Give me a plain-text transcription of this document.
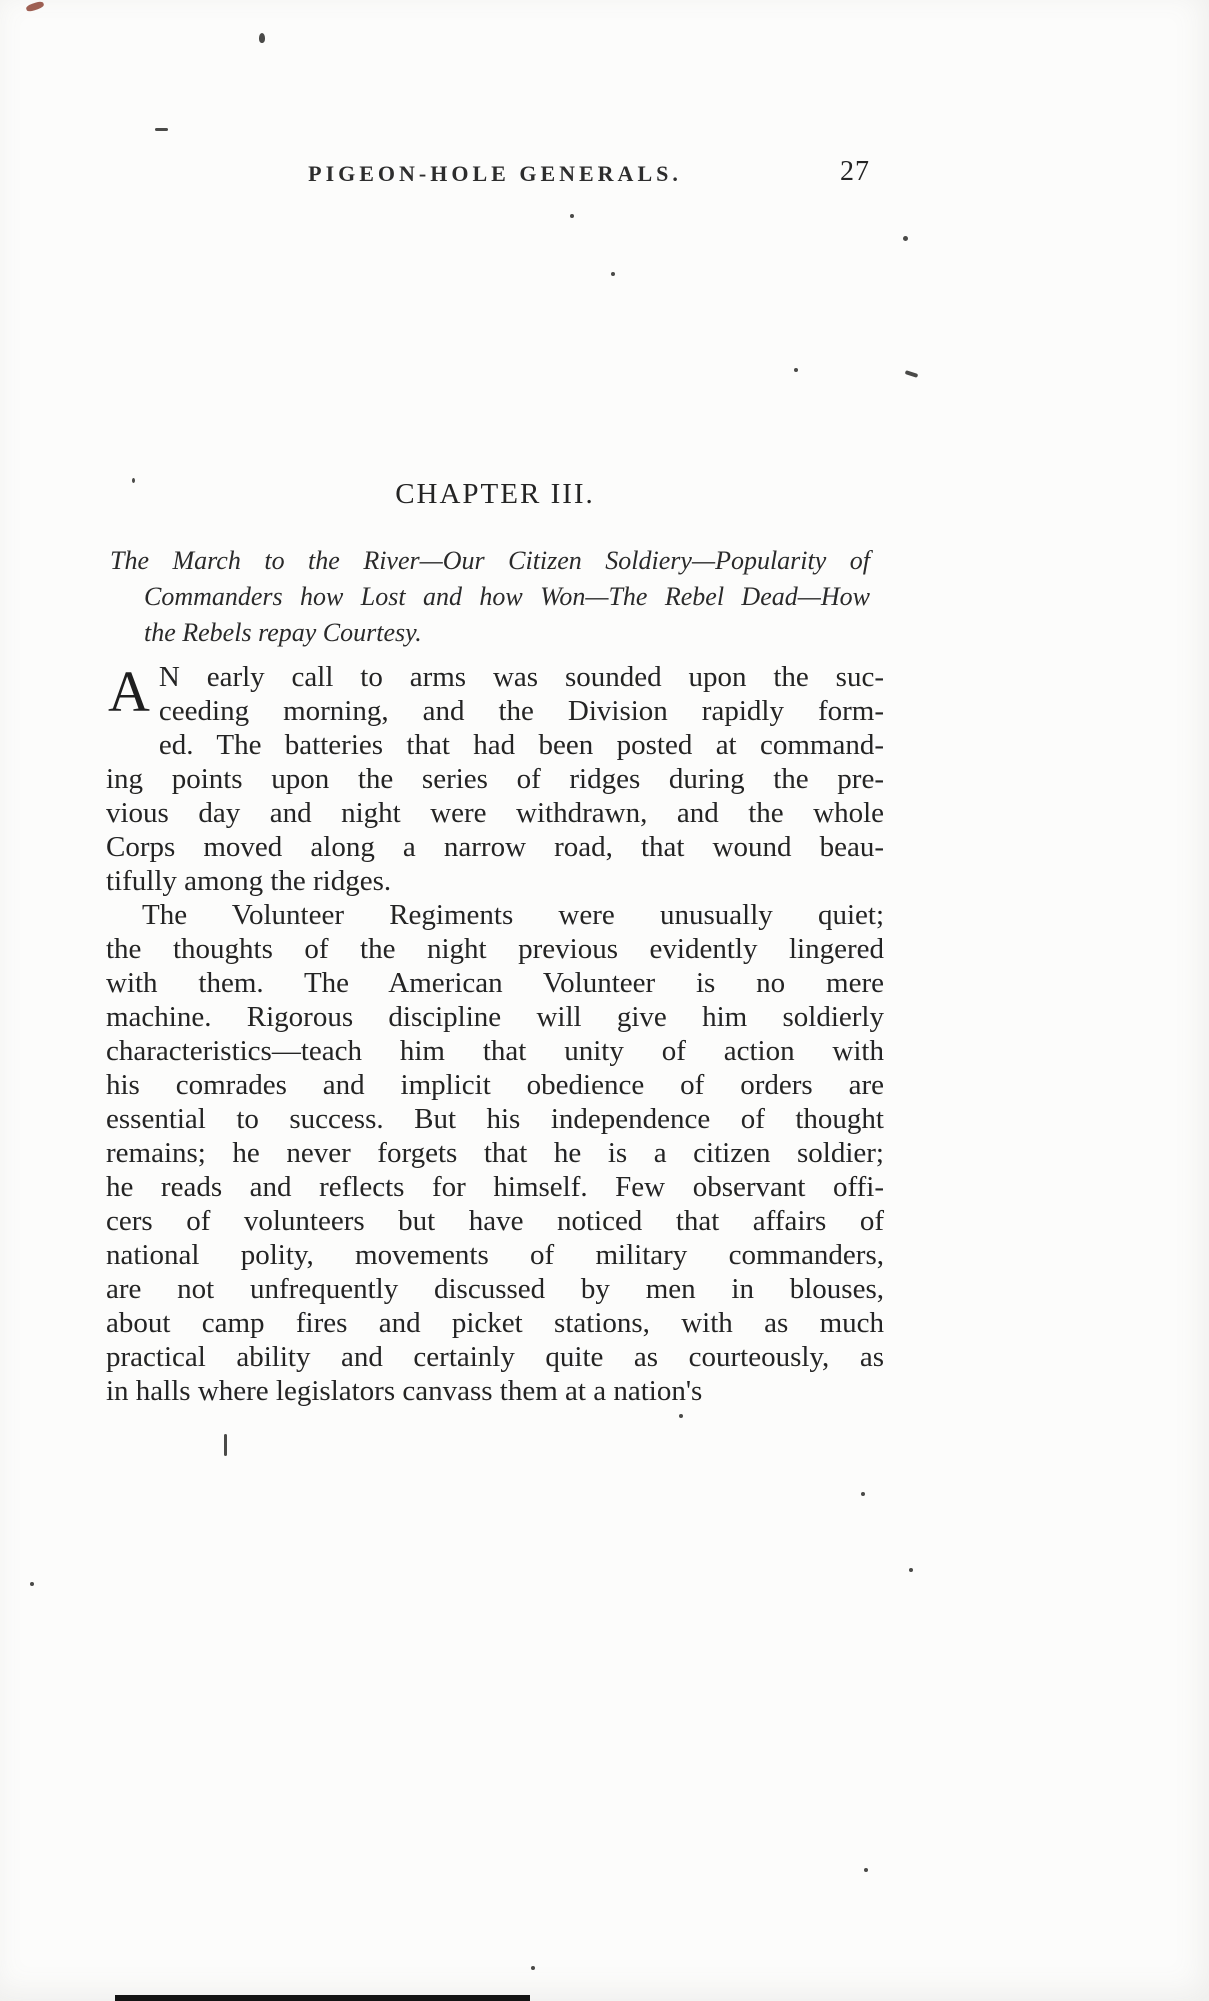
PIGEON-HOLE GENERALS.	27
CHAPTER III.
The March to the River—Our Citizen Soldiery—Popularity of
Commanders how Lost and how Won—The Rebel Dead—How
the Rebels repay Courtesy.
A N early call to arms was sounded upon the suc-
ceeding morning, and the Division rapidly form-
ed. The batteries that had been posted at command-
ing points upon the series of ridges during the pre-
vious day and night were withdrawn, and the whole
Corps moved along a narrow road, that wound beau-
tifully among the ridges.
The Volunteer Regiments were unusually quiet;
the thoughts of the night previous evidently lingered
with them. The American Volunteer is no mere
machine. Rigorous discipline will give him soldierly
characteristics—teach him that unity of action with
his comrades and implicit obedience of orders are
essential to success. But his independence of thought
remains; he never forgets that he is a citizen soldier;
he reads and reflects for himself. Few observant offi-
cers of volunteers but have noticed that affairs of
national polity, movements of military commanders,
are not unfrequently discussed by men in blouses,
about camp fires and picket stations, with as much
practical ability and certainly quite as courteously, as
in halls where legislators canvass them at a nation's
